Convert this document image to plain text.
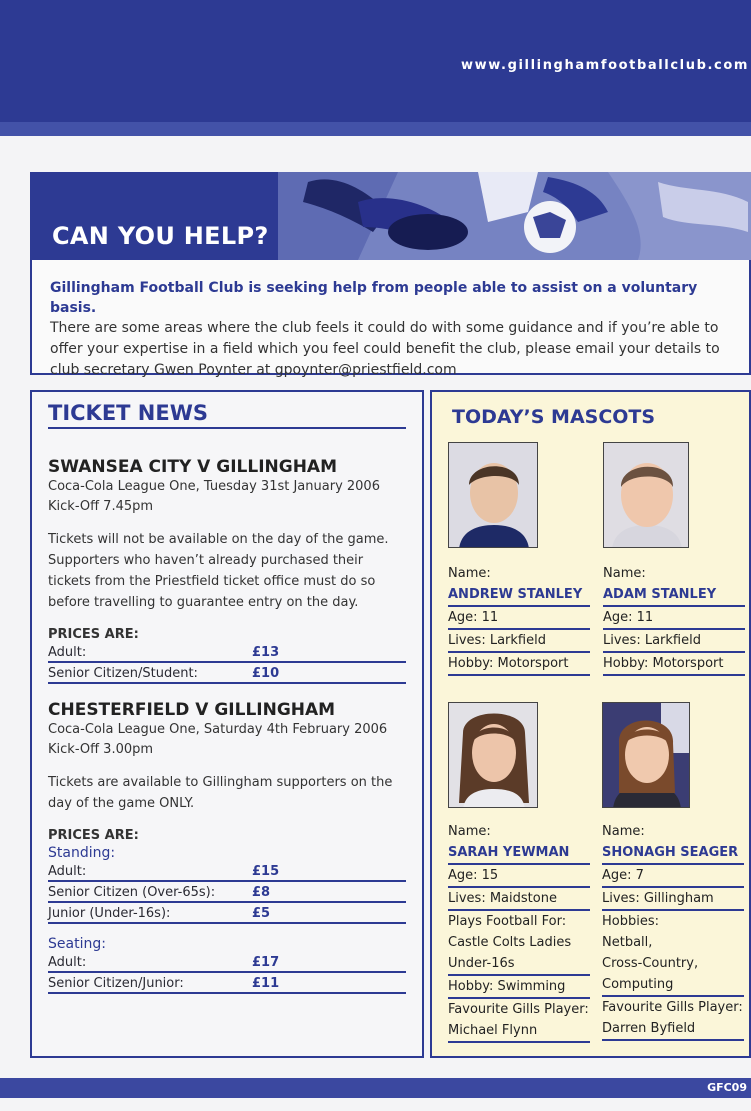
www.gillinghamfootballclub.com
CAN YOU HELP?
Gillingham Football Club is seeking help from people able to assist on a voluntary basis.
There are some areas where the club feels it could do with some guidance and if you’re able to offer your expertise in a field which you feel could benefit the club, please email your details to club secretary Gwen Poynter at gpoynter@priestfield.com
TICKET NEWS
SWANSEA CITY V GILLINGHAM
Coca-Cola League One, Tuesday 31st January 2006
Kick-Off 7.45pm
Tickets will not be available on the day of the game. Supporters who haven’t already purchased their tickets from the Priestfield ticket office must do so before travelling to guarantee entry on the day.
PRICES ARE:
Adult:	£13
Senior Citizen/Student:	£10
CHESTERFIELD V GILLINGHAM
Coca-Cola League One, Saturday 4th February 2006
Kick-Off 3.00pm
Tickets are available to Gillingham supporters on the day of the game ONLY.
PRICES ARE:
Standing:
Adult:	£15
Senior Citizen (Over-65s):	£8
Junior (Under-16s):	£5
Seating:
Adult:	£17
Senior Citizen/Junior:	£11
TODAY’S MASCOTS
Name:
ANDREW STANLEY
Age: 11
Lives: Larkfield
Hobby: Motorsport
Name:
ADAM STANLEY
Age: 11
Lives: Larkfield
Hobby: Motorsport
Name:
SARAH YEWMAN
Age: 15
Lives: Maidstone
Plays Football For:
Castle Colts Ladies
Under-16s
Hobby: Swimming
Favourite Gills Player:
Michael Flynn
Name:
SHONAGH SEAGER
Age: 7
Lives: Gillingham
Hobbies:
Netball,
Cross-Country,
Computing
Favourite Gills Player:
Darren Byfield
GFC09
